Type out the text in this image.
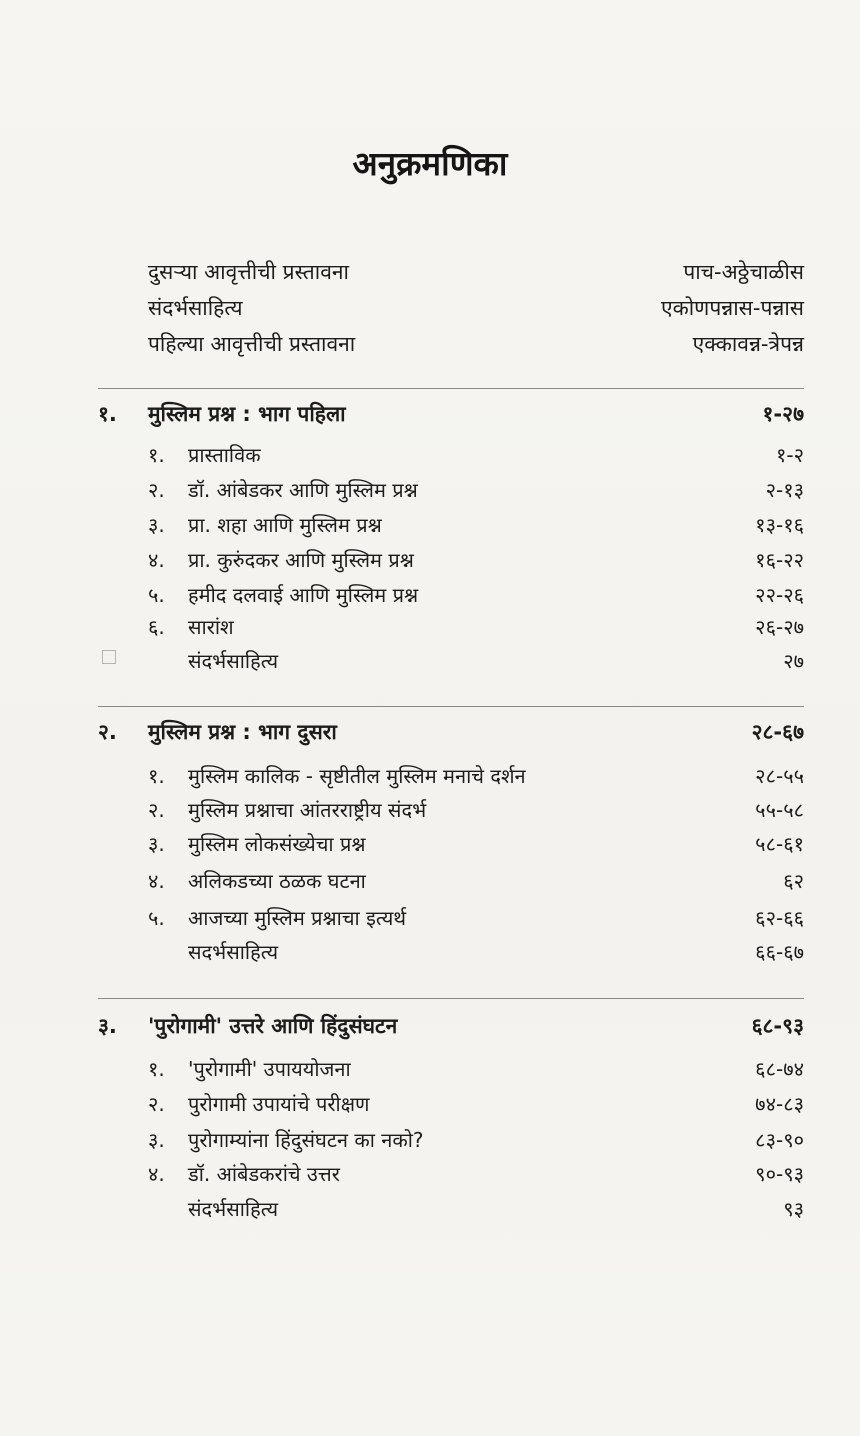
अनुक्रमणिका
दुसऱ्या आवृत्तीची प्रस्तावना	पाच-अठ्ठेचाळीस
संदर्भसाहित्य	एकोणपन्नास-पन्नास
पहिल्या आवृत्तीची प्रस्तावना	एक्कावन्न-त्रेपन्न
१. मुस्लिम प्रश्न : भाग पहिला	१-२७
१. प्रास्ताविक	१-२
२. डॉ. आंबेडकर आणि मुस्लिम प्रश्न	२-१३
३. प्रा. शहा आणि मुस्लिम प्रश्न	१३-१६
४. प्रा. कुरुंदकर आणि मुस्लिम प्रश्न	१६-२२
५. हमीद दलवाई आणि मुस्लिम प्रश्न	२२-२६
६. सारांश	२६-२७
संदर्भसाहित्य	२७
२. मुस्लिम प्रश्न : भाग दुसरा	२८-६७
१. मुस्लिम कालिक - सृष्टीतील मुस्लिम मनाचे दर्शन	२८-५५
२. मुस्लिम प्रश्नाचा आंतरराष्ट्रीय संदर्भ	५५-५८
३. मुस्लिम लोकसंख्येचा प्रश्न	५८-६१
४. अलिकडच्या ठळक घटना	६२
५. आजच्या मुस्लिम प्रश्नाचा इत्यर्थ	६२-६६
सदर्भसाहित्य	६६-६७
३. 'पुरोगामी' उत्तरे आणि हिंदुसंघटन	६८-९३
१. 'पुरोगामी' उपाययोजना	६८-७४
२. पुरोगामी उपायांचे परीक्षण	७४-८३
३. पुरोगाम्यांना हिंदुसंघटन का नको?	८३-९०
४. डॉ. आंबेडकरांचे उत्तर	९०-९३
संदर्भसाहित्य	९३
